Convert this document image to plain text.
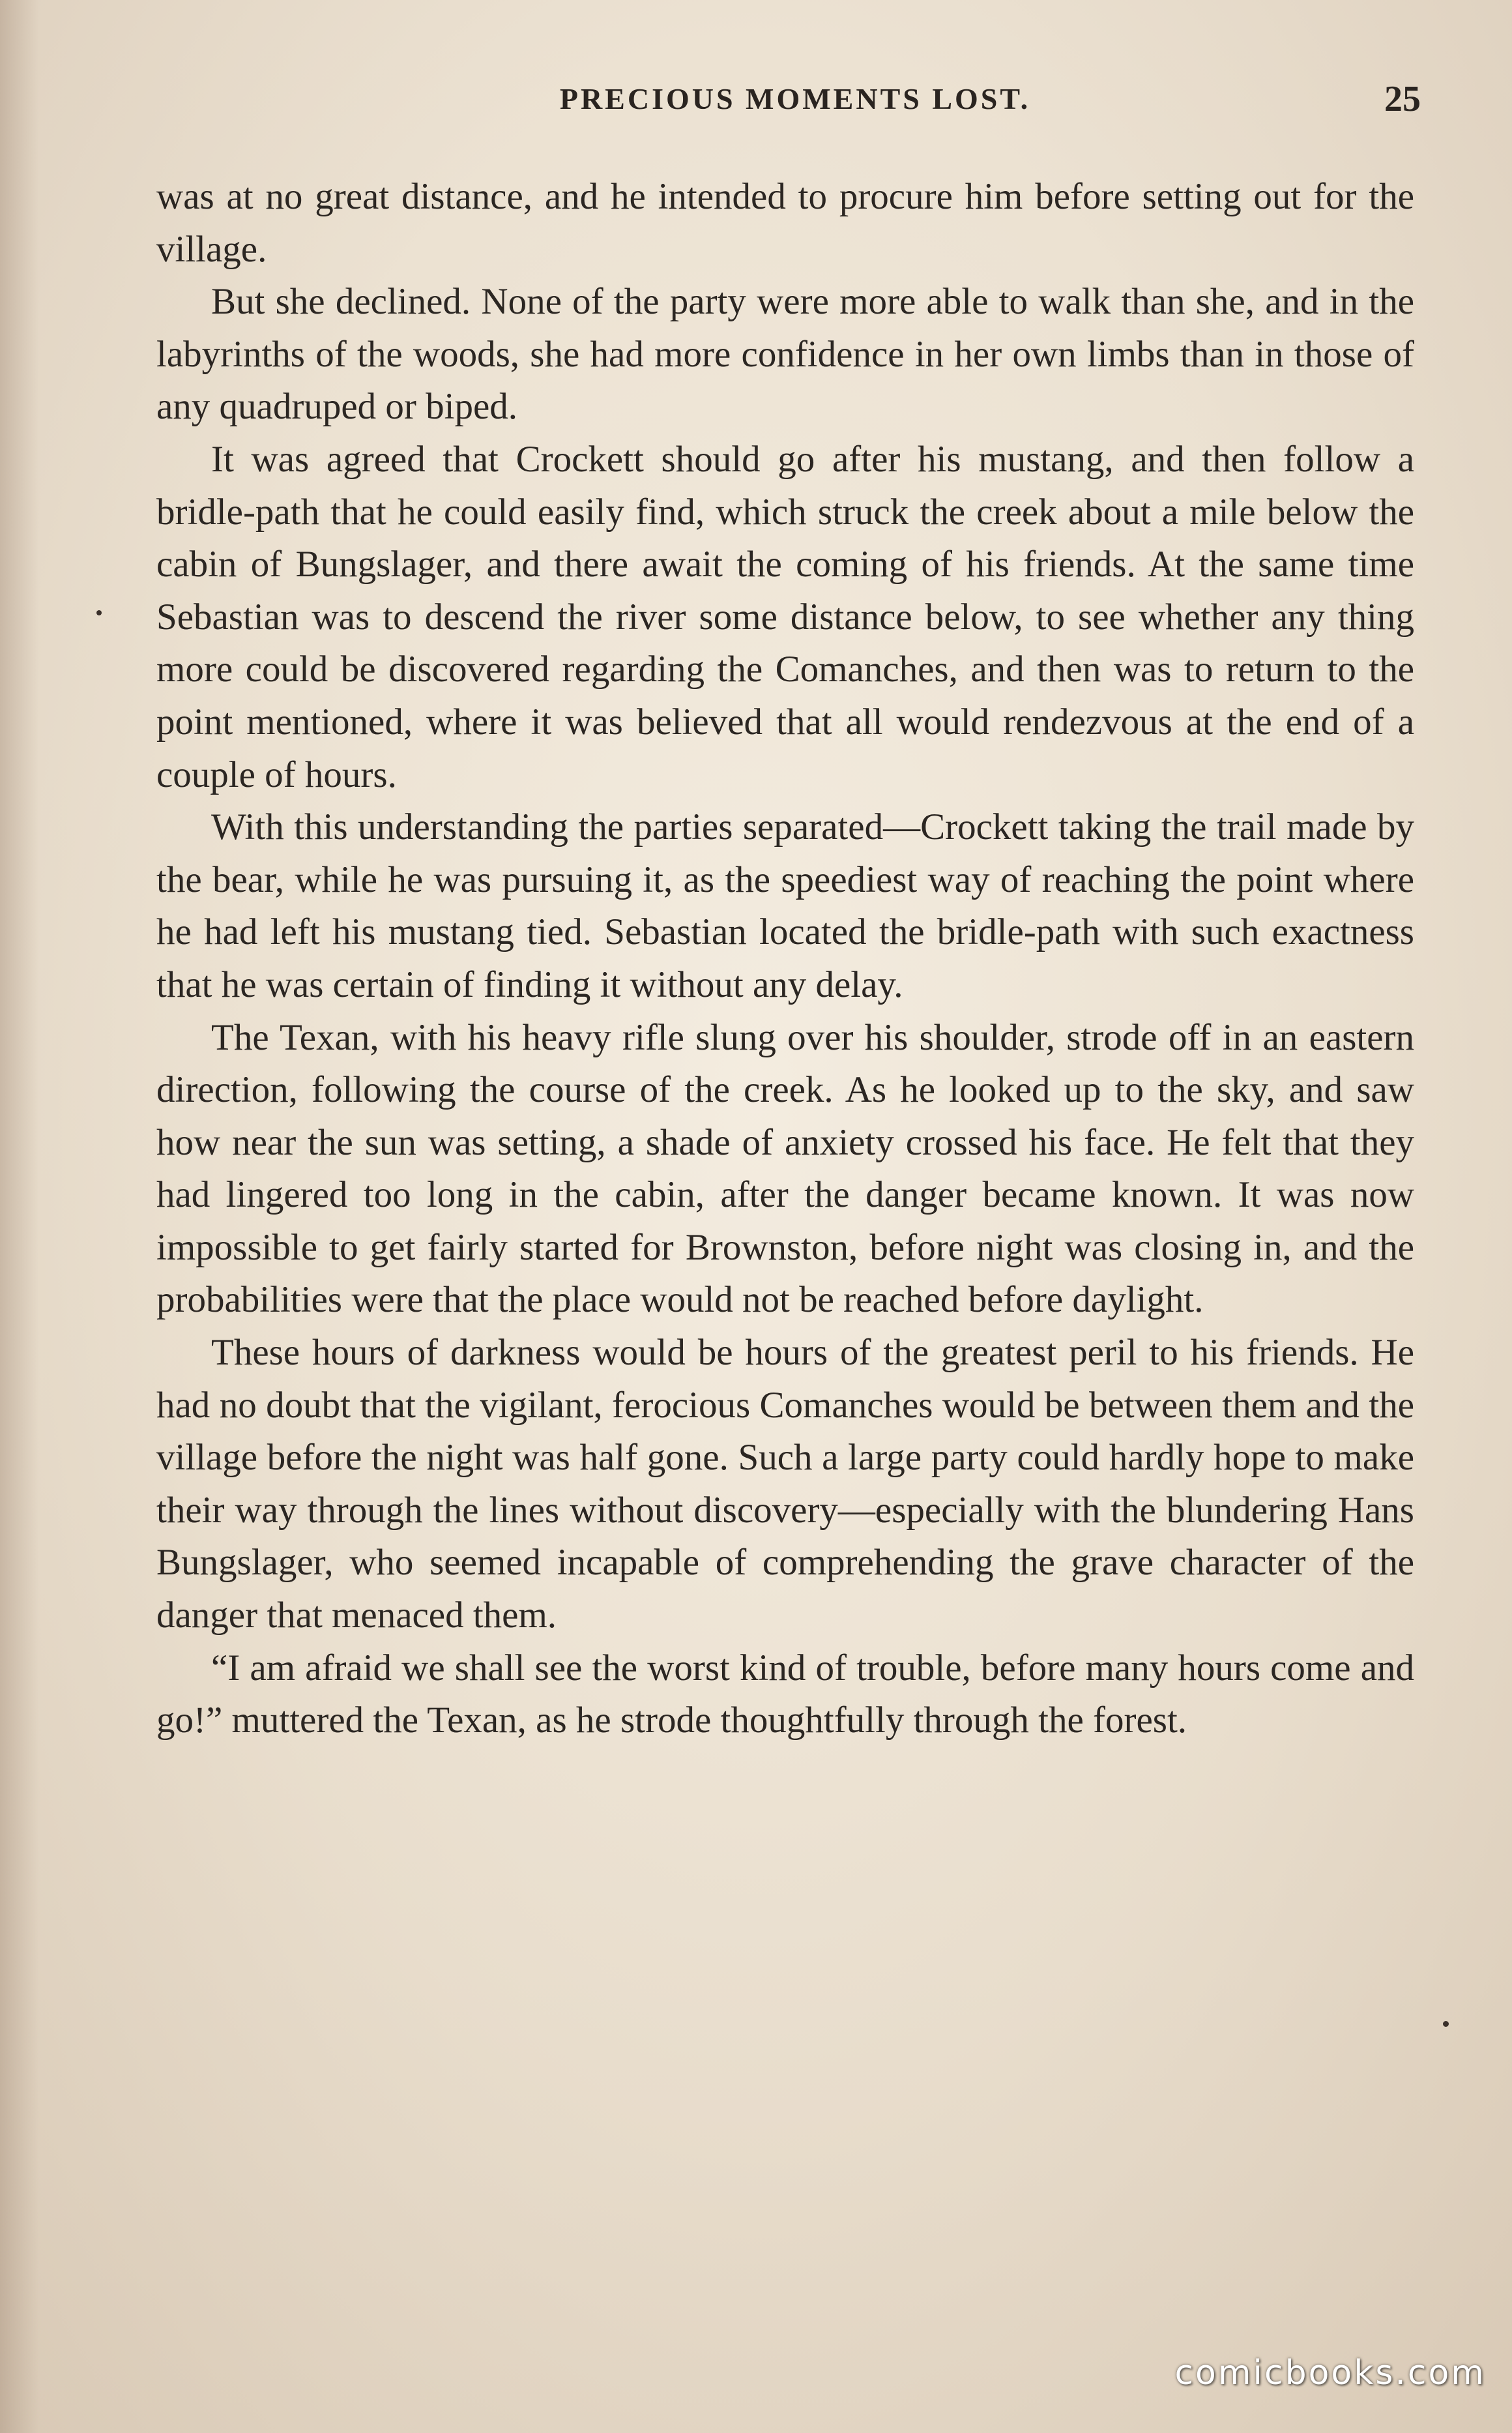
PRECIOUS MOMENTS LOST.	25

was at no great distance, and he intended to procure him before setting out for the village.

But she declined. None of the party were more able to walk than she, and in the labyrinths of the woods, she had more confidence in her own limbs than in those of any quadruped or biped.

It was agreed that Crockett should go after his mustang, and then follow a bridle-path that he could easily find, which struck the creek about a mile below the cabin of Bungslager, and there await the coming of his friends. At the same time Sebastian was to descend the river some distance below, to see whether any thing more could be discovered regarding the Comanches, and then was to return to the point mentioned, where it was believed that all would rendezvous at the end of a couple of hours.

With this understanding the parties separated—Crockett taking the trail made by the bear, while he was pursuing it, as the speediest way of reaching the point where he had left his mustang tied. Sebastian located the bridle-path with such exactness that he was certain of finding it without any delay.

The Texan, with his heavy rifle slung over his shoulder, strode off in an eastern direction, following the course of the creek. As he looked up to the sky, and saw how near the sun was setting, a shade of anxiety crossed his face. He felt that they had lingered too long in the cabin, after the danger became known. It was now impossible to get fairly started for Brownston, before night was closing in, and the probabilities were that the place would not be reached before daylight.

These hours of darkness would be hours of the greatest peril to his friends. He had no doubt that the vigilant, ferocious Comanches would be between them and the village before the night was half gone. Such a large party could hardly hope to make their way through the lines without discovery—especially with the blundering Hans Bungslager, who seemed incapable of comprehending the grave character of the danger that menaced them.

“I am afraid we shall see the worst kind of trouble, before many hours come and go!” muttered the Texan, as he strode thoughtfully through the forest.

comicbooks.com
